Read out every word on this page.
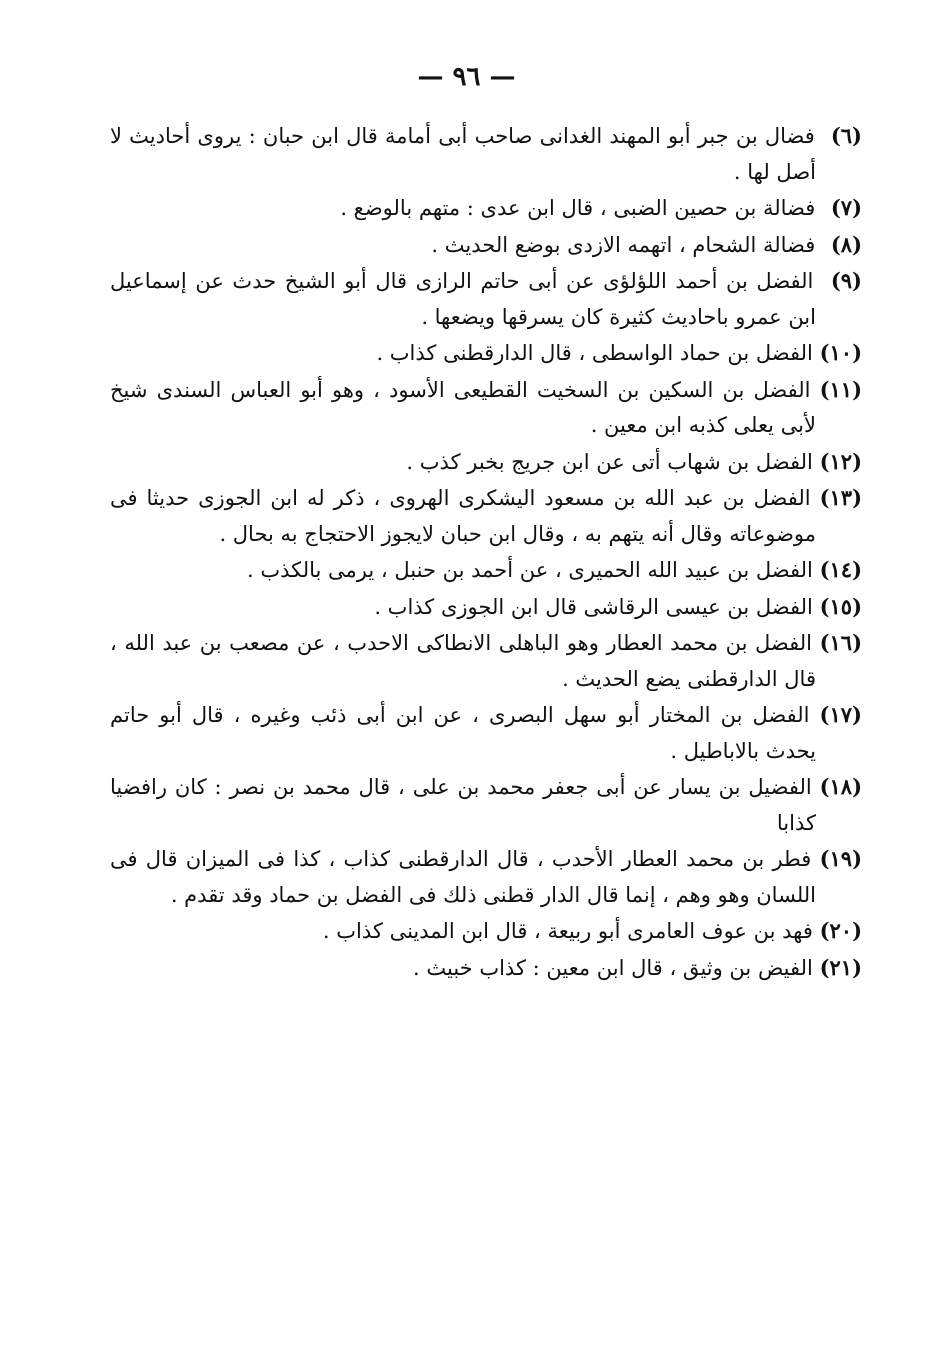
— ٩٦ —

(٦) فضال بن جبر أبو المهند الغدانى صاحب أبى أمامة قال ابن حبان : يروى أحاديث لا أصل لها .

(٧) فضالة بن حصين الضبى ، قال ابن عدى : متهم بالوضع .

(٨) فضالة الشحام ، اتهمه الازدى بوضع الحديث .

(٩) الفضل بن أحمد اللؤلؤى عن أبى حاتم الرازى قال أبو الشيخ حدث عن إسماعيل ابن عمرو باحاديث كثيرة كان يسرقها ويضعها .

(١٠) الفضل بن حماد الواسطى ، قال الدارقطنى كذاب .

(١١) الفضل بن السكين بن السخيت القطيعى الأسود ، وهو أبو العباس السندى شيخ لأبى يعلى كذبه ابن معين .

(١٢) الفضل بن شهاب أتى عن ابن جريج بخبر كذب .

(١٣) الفضل بن عبد الله بن مسعود اليشكرى الهروى ، ذكر له ابن الجوزى حديثا فى موضوعاته وقال أنه يتهم به ، وقال ابن حبان لايجوز الاحتجاج به بحال .

(١٤) الفضل بن عبيد الله الحميرى ، عن أحمد بن حنبل ، يرمى بالكذب .

(١٥) الفضل بن عيسى الرقاشى قال ابن الجوزى كذاب .

(١٦) الفضل بن محمد العطار وهو الباهلى الانطاكى الاحدب ، عن مصعب بن عبد الله ، قال الدارقطنى يضع الحديث .

(١٧) الفضل بن المختار أبو سهل البصرى ، عن ابن أبى ذئب وغيره ، قال أبو حاتم يحدث بالاباطيل .

(١٨) الفضيل بن يسار عن أبى جعفر محمد بن على ، قال محمد بن نصر : كان رافضيا كذابا

(١٩) فطر بن محمد العطار الأحدب ، قال الدارقطنى كذاب ، كذا فى الميزان قال فى اللسان وهو وهم ، إنما قال الدار قطنى ذلك فى الفضل بن حماد وقد تقدم .

(٢٠) فهد بن عوف العامرى أبو ربيعة ، قال ابن المدينى كذاب .

(٢١) الفيض بن وثيق ، قال ابن معين : كذاب خبيث .
